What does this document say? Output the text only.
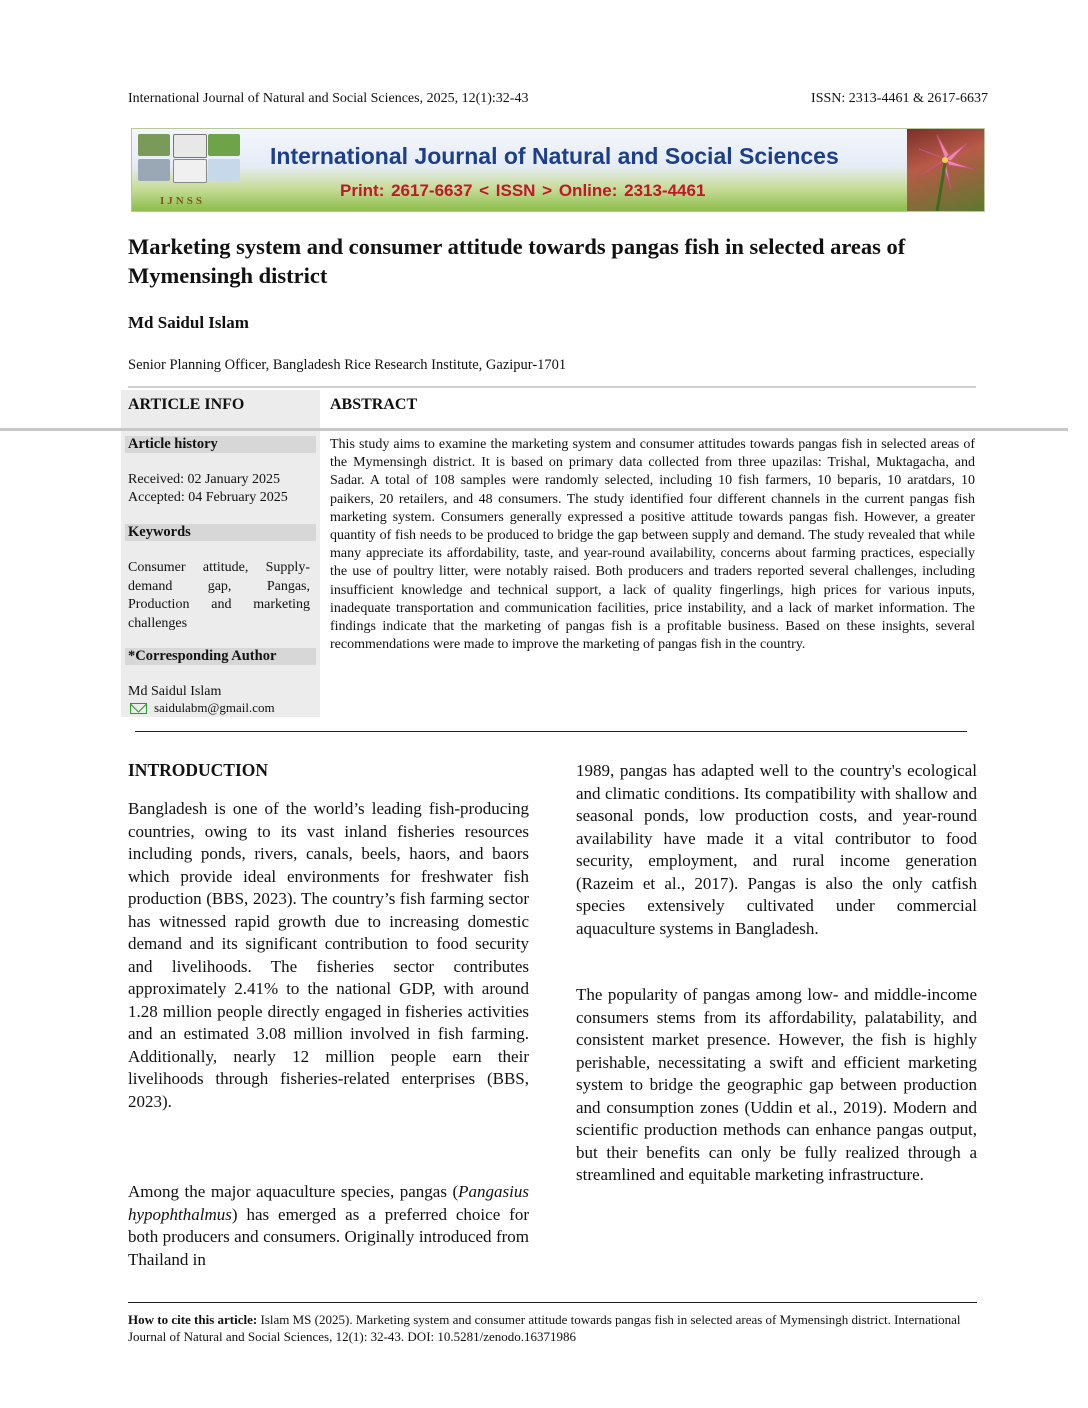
International Journal of Natural and Social Sciences, 2025, 12(1):32-43	ISSN: 2313-4461 & 2617-6637
IJNSS
International Journal of Natural and Social Sciences
Print: 2617-6637 < ISSN > Online: 2313-4461
Marketing system and consumer attitude towards pangas fish in selected areas of Mymensingh district
Md Saidul Islam
Senior Planning Officer, Bangladesh Rice Research Institute, Gazipur-1701
ARTICLE INFO	ABSTRACT
Article history
Received: 02 January 2025
Accepted: 04 February 2025
Keywords
Consumer attitude, Supply-demand gap, Pangas, Production and marketing challenges
*Corresponding Author
Md Saidul Islam
saidulabm@gmail.com
This study aims to examine the marketing system and consumer attitudes towards pangas fish in selected areas of the Mymensingh district. It is based on primary data collected from three upazilas: Trishal, Muktagacha, and Sadar. A total of 108 samples were randomly selected, including 10 fish farmers, 10 beparis, 10 aratdars, 10 paikers, 20 retailers, and 48 consumers. The study identified four different channels in the current pangas fish marketing system. Consumers generally expressed a positive attitude towards pangas fish. However, a greater quantity of fish needs to be produced to bridge the gap between supply and demand. The study revealed that while many appreciate its affordability, taste, and year-round availability, concerns about farming practices, especially the use of poultry litter, were notably raised. Both producers and traders reported several challenges, including insufficient knowledge and technical support, a lack of quality fingerlings, high prices for various inputs, inadequate transportation and communication facilities, price instability, and a lack of market information. The findings indicate that the marketing of pangas fish is a profitable business. Based on these insights, several recommendations were made to improve the marketing of pangas fish in the country.
INTRODUCTION
Bangladesh is one of the world’s leading fish-producing countries, owing to its vast inland fisheries resources including ponds, rivers, canals, beels, haors, and baors which provide ideal environments for freshwater fish production (BBS, 2023). The country’s fish farming sector has witnessed rapid growth due to increasing domestic demand and its significant contribution to food security and livelihoods. The fisheries sector contributes approximately 2.41% to the national GDP, with around 1.28 million people directly engaged in fisheries activities and an estimated 3.08 million involved in fish farming. Additionally, nearly 12 million people earn their livelihoods through fisheries-related enterprises (BBS, 2023).
Among the major aquaculture species, pangas (Pangasius hypophthalmus) has emerged as a preferred choice for both producers and consumers. Originally introduced from Thailand in
1989, pangas has adapted well to the country's ecological and climatic conditions. Its compatibility with shallow and seasonal ponds, low production costs, and year-round availability have made it a vital contributor to food security, employment, and rural income generation (Razeim et al., 2017). Pangas is also the only catfish species extensively cultivated under commercial aquaculture systems in Bangladesh.
The popularity of pangas among low- and middle-income consumers stems from its affordability, palatability, and consistent market presence. However, the fish is highly perishable, necessitating a swift and efficient marketing system to bridge the geographic gap between production and consumption zones (Uddin et al., 2019). Modern and scientific production methods can enhance pangas output, but their benefits can only be fully realized through a streamlined and equitable marketing infrastructure.
How to cite this article: Islam MS (2025). Marketing system and consumer attitude towards pangas fish in selected areas of Mymensingh district. International Journal of Natural and Social Sciences, 12(1): 32-43. DOI: 10.5281/zenodo.16371986
